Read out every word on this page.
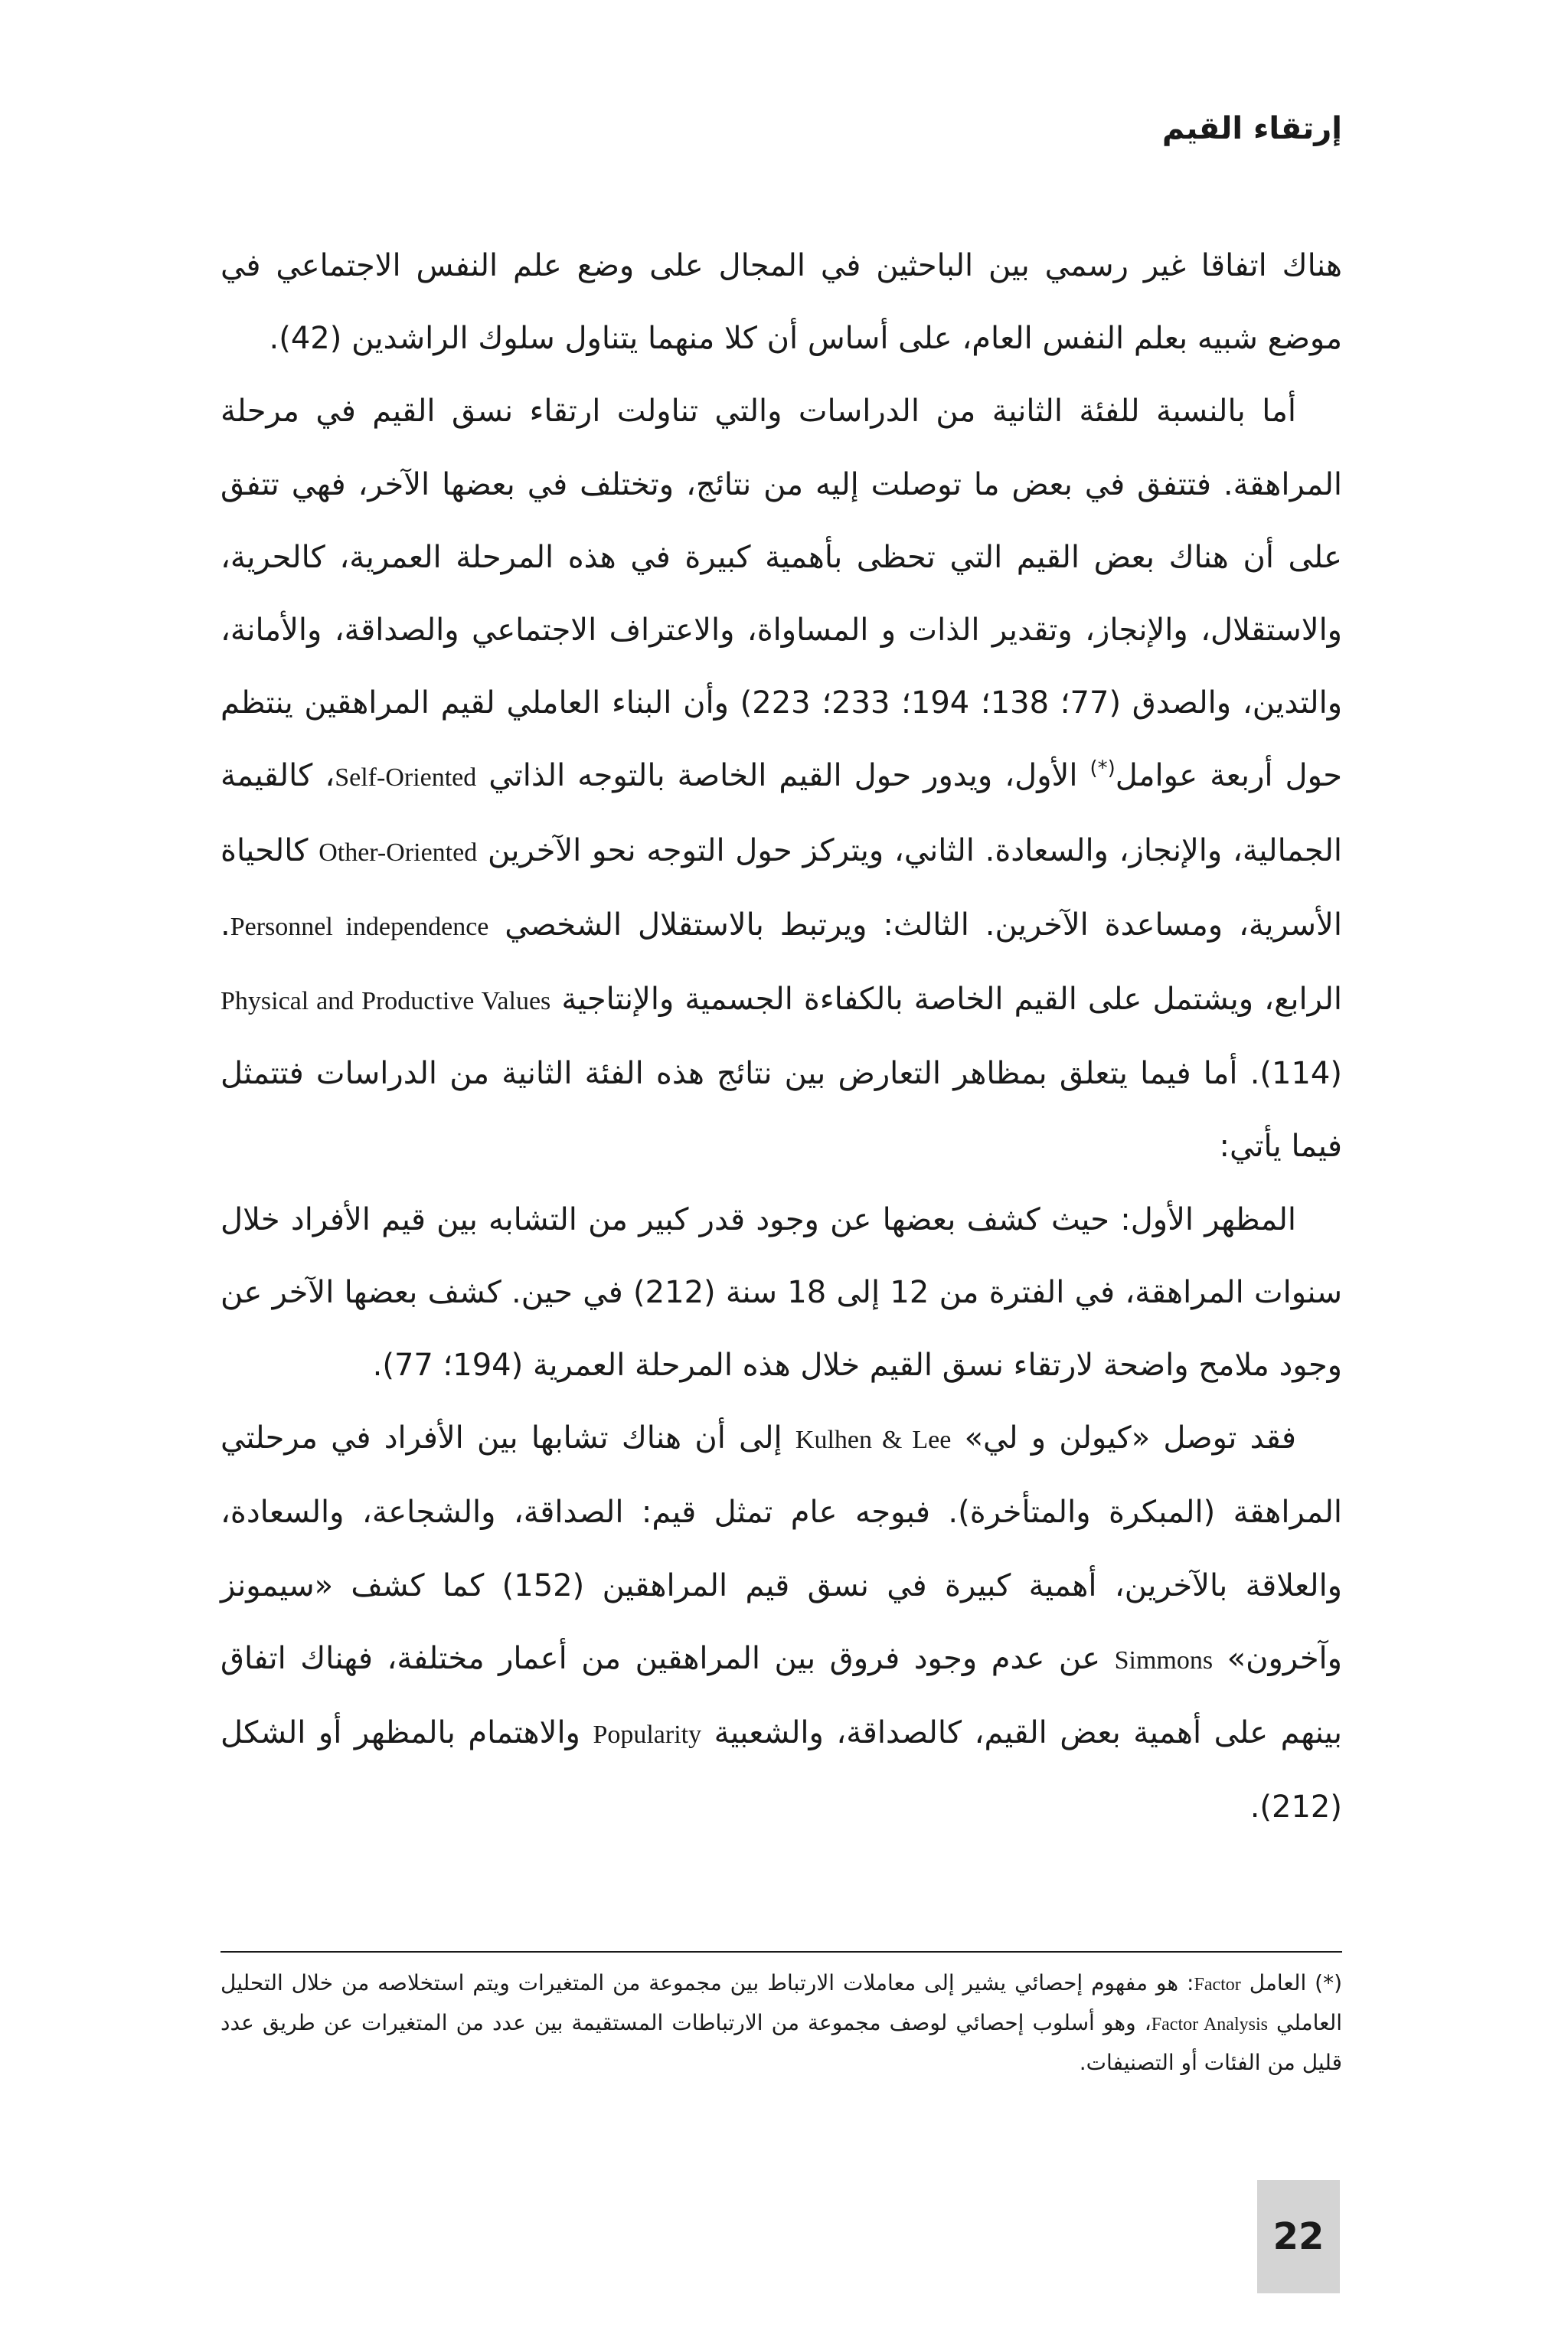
إرتقاء القيم

هناك اتفاقا غير رسمي بين الباحثين في المجال على وضع علم النفس الاجتماعي في موضع شبيه بعلم النفس العام، على أساس أن كلا منهما يتناول سلوك الراشدين (42).

أما بالنسبة للفئة الثانية من الدراسات والتي تناولت ارتقاء نسق القيم في مرحلة المراهقة. فتتفق في بعض ما توصلت إليه من نتائج، وتختلف في بعضها الآخر، فهي تتفق على أن هناك بعض القيم التي تحظى بأهمية كبيرة في هذه المرحلة العمرية، كالحرية، والاستقلال، والإنجاز، وتقدير الذات و المساواة، والاعتراف الاجتماعي والصداقة، والأمانة، والتدين، والصدق (77؛ 138؛ 194؛ 233؛ 223) وأن البناء العاملي لقيم المراهقين ينتظم حول أربعة عوامل(*) الأول، ويدور حول القيم الخاصة بالتوجه الذاتي Self-Oriented، كالقيمة الجمالية، والإنجاز، والسعادة. الثاني، ويتركز حول التوجه نحو الآخرين Other-Oriented كالحياة الأسرية، ومساعدة الآخرين. الثالث: ويرتبط بالاستقلال الشخصي Personnel independence. الرابع، ويشتمل على القيم الخاصة بالكفاءة الجسمية والإنتاجية Physical and Productive Values (114). أما فيما يتعلق بمظاهر التعارض بين نتائج هذه الفئة الثانية من الدراسات فتتمثل فيما يأتي:

المظهر الأول: حيث كشف بعضها عن وجود قدر كبير من التشابه بين قيم الأفراد خلال سنوات المراهقة، في الفترة من 12 إلى 18 سنة (212) في حين. كشف بعضها الآخر عن وجود ملامح واضحة لارتقاء نسق القيم خلال هذه المرحلة العمرية (194؛ 77).

فقد توصل «كيولن و لي» Kulhen & Lee إلى أن هناك تشابها بين الأفراد في مرحلتي المراهقة (المبكرة والمتأخرة). فبوجه عام تمثل قيم: الصداقة، والشجاعة، والسعادة، والعلاقة بالآخرين، أهمية كبيرة في نسق قيم المراهقين (152) كما كشف «سيمونز وآخرون» Simmons عن عدم وجود فروق بين المراهقين من أعمار مختلفة، فهناك اتفاق بينهم على أهمية بعض القيم، كالصداقة، والشعبية Popularity والاهتمام بالمظهر أو الشكل (212).

(*) العامل Factor: هو مفهوم إحصائي يشير إلى معاملات الارتباط بين مجموعة من المتغيرات ويتم استخلاصه من خلال التحليل العاملي Factor Analysis، وهو أسلوب إحصائي لوصف مجموعة من الارتباطات المستقيمة بين عدد من المتغيرات عن طريق عدد قليل من الفئات أو التصنيفات.

22
